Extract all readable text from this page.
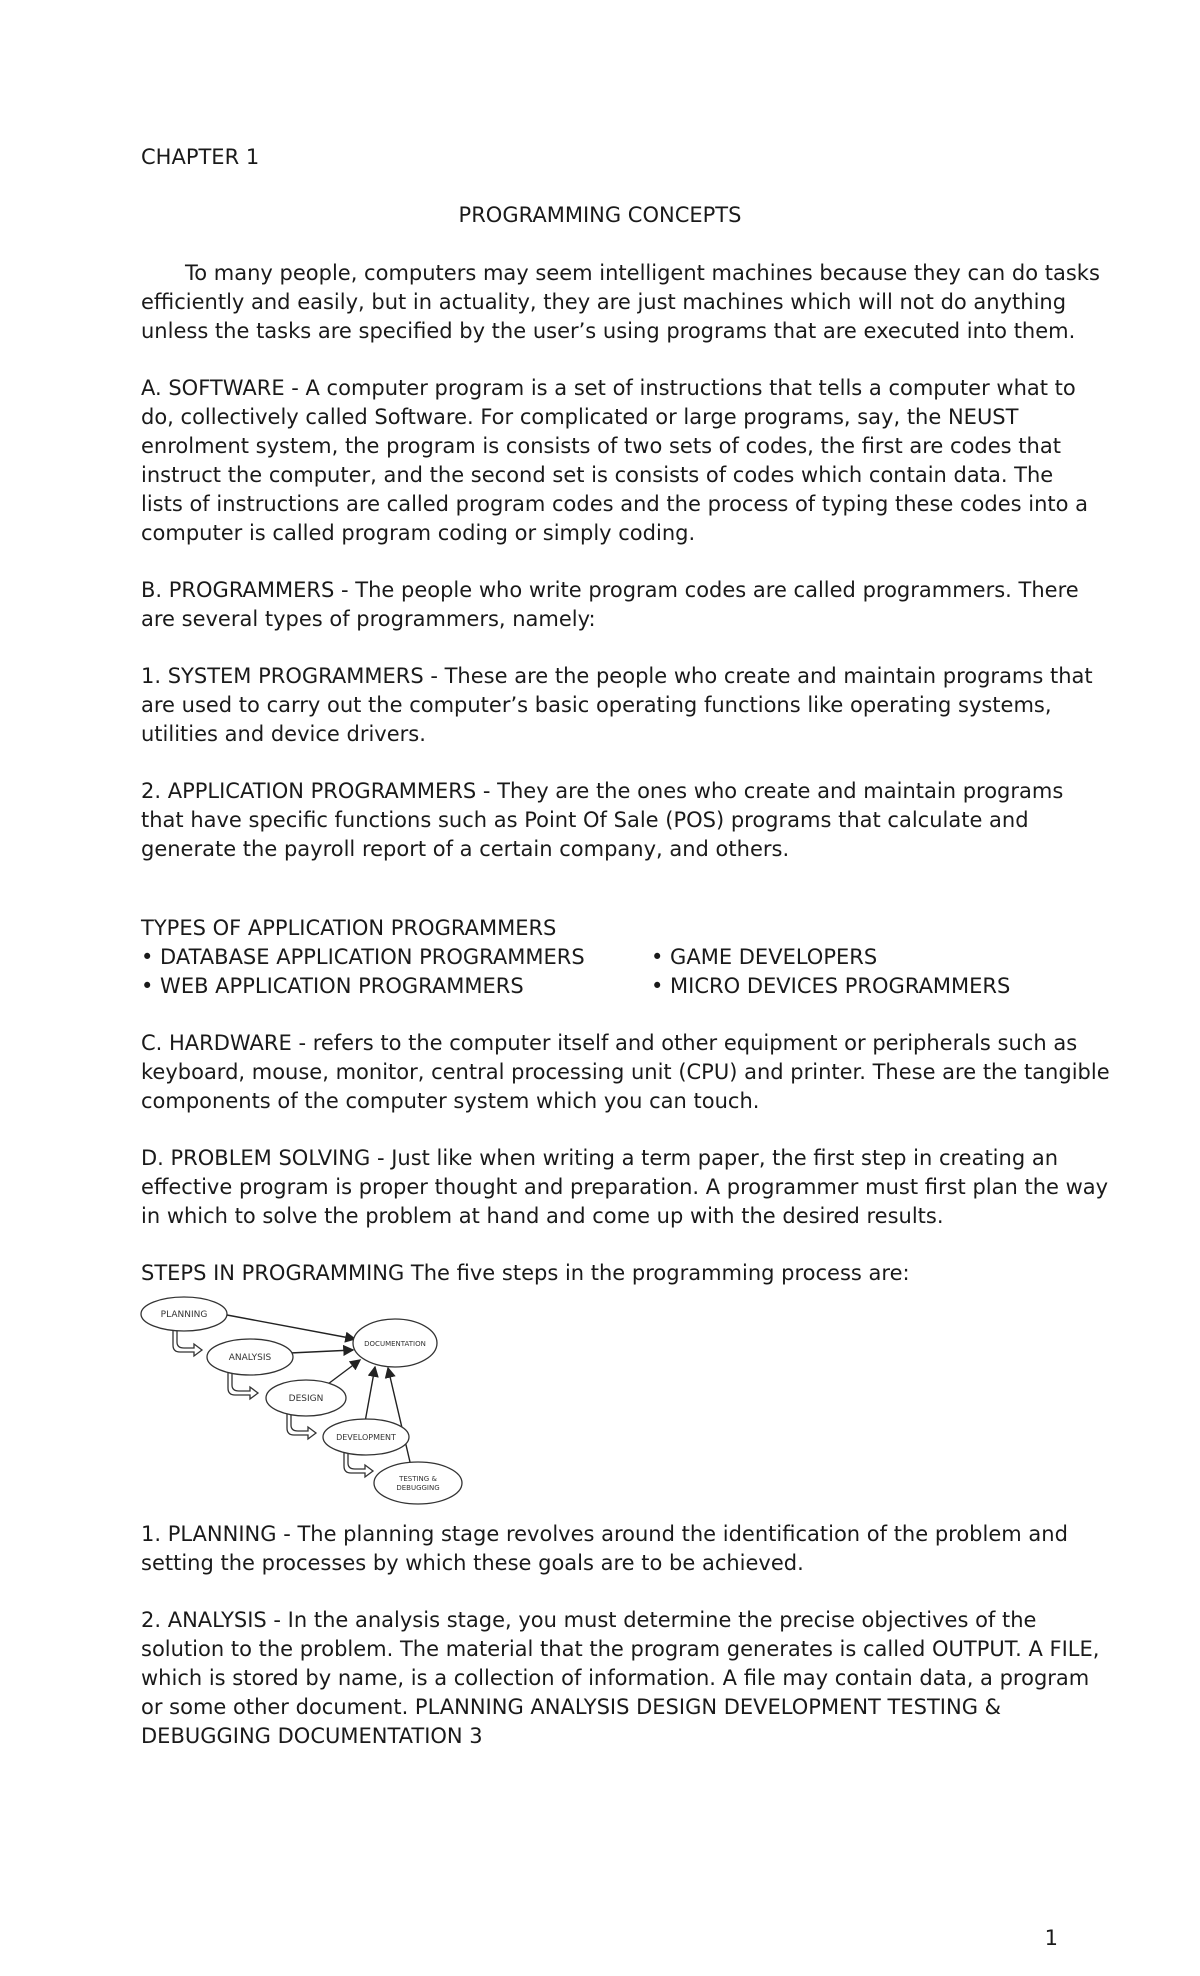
CHAPTER 1
PROGRAMMING CONCEPTS
To many people, computers may seem intelligent machines because they can do tasks
efficiently and easily, but in actuality, they are just machines which will not do anything
unless the tasks are specified by the user’s using programs that are executed into them.
A. SOFTWARE - A computer program is a set of instructions that tells a computer what to
do, collectively called Software. For complicated or large programs, say, the NEUST
enrolment system, the program is consists of two sets of codes, the first are codes that
instruct the computer, and the second set is consists of codes which contain data. The
lists of instructions are called program codes and the process of typing these codes into a
computer is called program coding or simply coding.
B. PROGRAMMERS - The people who write program codes are called programmers. There
are several types of programmers, namely:
1. SYSTEM PROGRAMMERS - These are the people who create and maintain programs that
are used to carry out the computer’s basic operating functions like operating systems,
utilities and device drivers.
2. APPLICATION PROGRAMMERS - They are the ones who create and maintain programs
that have specific functions such as Point Of Sale (POS) programs that calculate and
generate the payroll report of a certain company, and others.
TYPES OF APPLICATION PROGRAMMERS
• DATABASE APPLICATION PROGRAMMERS
• WEB APPLICATION PROGRAMMERS
• GAME DEVELOPERS
• MICRO DEVICES PROGRAMMERS
C. HARDWARE - refers to the computer itself and other equipment or peripherals such as
keyboard, mouse, monitor, central processing unit (CPU) and printer. These are the tangible
components of the computer system which you can touch.
D. PROBLEM SOLVING - Just like when writing a term paper, the first step in creating an
effective program is proper thought and preparation. A programmer must first plan the way
in which to solve the problem at hand and come up with the desired results.
STEPS IN PROGRAMMING The five steps in the programming process are:
PLANNING
ANALYSIS
DESIGN
DEVELOPMENT
TESTING &
DEBUGGING
DOCUMENTATION
1. PLANNING - The planning stage revolves around the identification of the problem and
setting the processes by which these goals are to be achieved.
2. ANALYSIS - In the analysis stage, you must determine the precise objectives of the
solution to the problem. The material that the program generates is called OUTPUT. A FILE,
which is stored by name, is a collection of information. A file may contain data, a program
or some other document. PLANNING ANALYSIS DESIGN DEVELOPMENT TESTING &
DEBUGGING DOCUMENTATION 3
1
